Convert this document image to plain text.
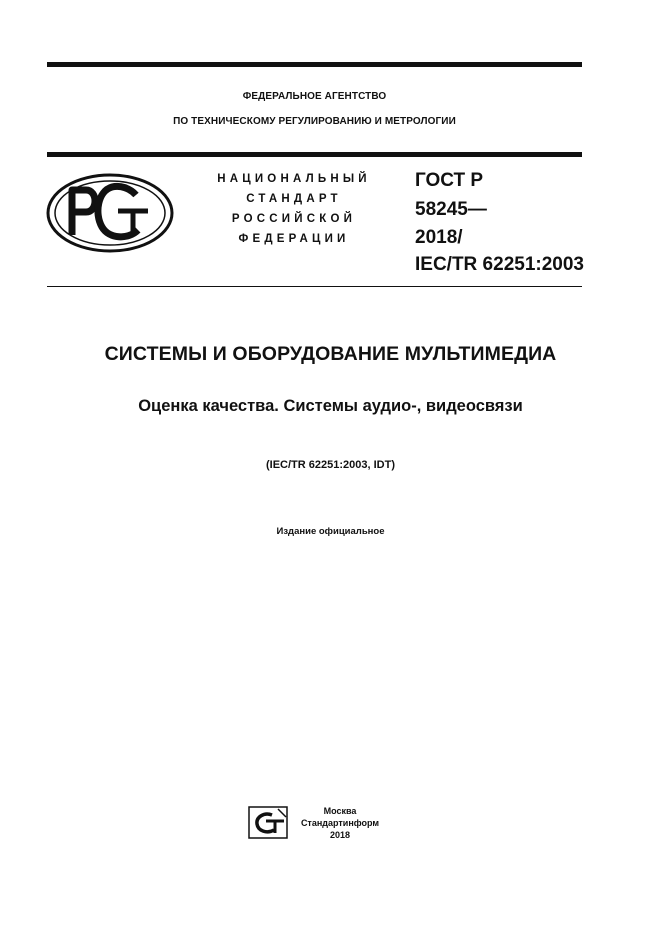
ФЕДЕРАЛЬНОЕ АГЕНТСТВО
ПО ТЕХНИЧЕСКОМУ РЕГУЛИРОВАНИЮ И МЕТРОЛОГИИ
НАЦИОНАЛЬНЫЙ
СТАНДАРТ
РОССИЙСКОЙ
ФЕДЕРАЦИИ
ГОСТ Р
58245—
2018/
IEC/TR 62251:2003
СИСТЕМЫ И ОБОРУДОВАНИЕ МУЛЬТИМЕДИА
Оценка качества. Системы аудио-, видеосвязи
(IEC/TR 62251:2003, IDT)
Издание официальное
Москва
Стандартинформ
2018
